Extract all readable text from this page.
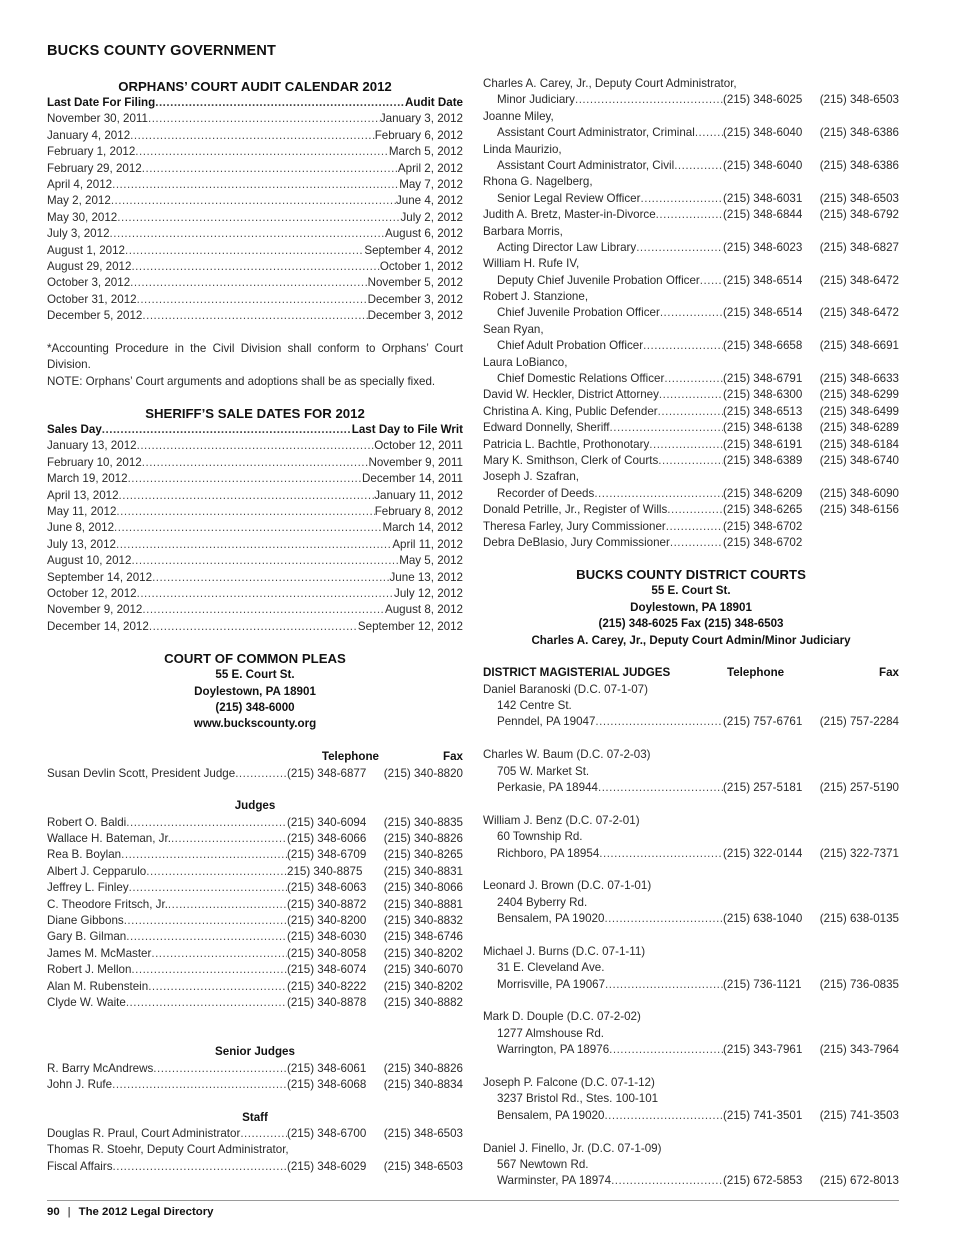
BUCKS COUNTY GOVERNMENT
ORPHANS’ COURT AUDIT CALENDAR 2012
Last Date For Filing .....	Audit Date
November 30, 2011 .....	January 3, 2012
January 4, 2012 .....	February 6, 2012
February 1, 2012 .....	March 5, 2012
February 29, 2012 .....	April 2, 2012
April 4, 2012 .....	May 7, 2012
May 2, 2012 .....	June 4, 2012
May 30, 2012 .....	July 2, 2012
July 3, 2012 .....	August 6, 2012
August 1, 2012 .....	September 4, 2012
August 29, 2012 .....	October 1, 2012
October 3, 2012 .....	November 5, 2012
October 31, 2012 .....	December 3, 2012
December 5, 2012 .....	December 3, 2012
*Accounting Procedure in the Civil Division shall conform to Orphans’ Court Division.
NOTE: Orphans’ Court arguments and adoptions shall be as specially fixed.
SHERIFF’S SALE DATES FOR 2012
Sales Day .....	Last Day to File Writ
January 13, 2012 .....	October 12, 2011
February 10, 2012 .....	November 9, 2011
March 19, 2012 .....	December 14, 2011
April 13, 2012 .....	January 11, 2012
May 11, 2012 .....	February 8, 2012
June 8, 2012 .....	March 14, 2012
July 13, 2012 .....	April 11, 2012
August 10, 2012 .....	May 5, 2012
September 14, 2012 .....	June 13, 2012
October 12, 2012 .....	July 12, 2012
November 9, 2012 .....	August 8, 2012
December 14, 2012 .....	September 12, 2012
COURT OF COMMON PLEAS
55 E. Court St.
Doylestown, PA 18901
(215) 348-6000
www.buckscounty.org
Telephone	Fax
Susan Devlin Scott, President Judge .....	(215) 348-6877	(215) 340-8820
Judges
Robert O. Baldi .....	(215) 340-6094	(215) 340-8835
Wallace H. Bateman, Jr. .....	(215) 348-6066	(215) 340-8826
Rea B. Boylan .....	(215) 348-6709	(215) 340-8265
Albert J. Cepparulo .....	215) 340-8875	(215) 340-8831
Jeffrey L. Finley .....	(215) 348-6063	(215) 340-8066
C. Theodore Fritsch, Jr. .....	(215) 340-8872	(215) 340-8881
Diane Gibbons .....	(215) 340-8200	(215) 340-8832
Gary B. Gilman .....	(215) 348-6030	(215) 348-6746
James M. McMaster .....	(215) 340-8058	(215) 340-8202
Robert J. Mellon .....	(215) 348-6074	(215) 340-6070
Alan M. Rubenstein .....	(215) 340-8222	(215) 340-8202
Clyde W. Waite .....	(215) 340-8878	(215) 340-8882
Senior Judges
R. Barry McAndrews .....	(215) 348-6061	(215) 340-8826
John J. Rufe .....	(215) 348-6068	(215) 340-8834
Staff
Douglas R. Praul, Court Administrator .....	(215) 348-6700	(215) 348-6503
Thomas R. Stoehr, Deputy Court Administrator,
Fiscal Affairs .....	(215) 348-6029	(215) 348-6503
Charles A. Carey, Jr., Deputy Court Administrator,
Minor Judiciary .....	(215) 348-6025	(215) 348-6503
Joanne Miley,
Assistant Court Administrator, Criminal ..... (215) 348-6040	(215) 348-6386
Linda Maurizio,
Assistant Court Administrator, Civil .....	(215) 348-6040	(215) 348-6386
Rhona G. Nagelberg,
Senior Legal Review Officer .....	(215) 348-6031	(215) 348-6503
Judith A. Bretz, Master-in-Divorce .....	(215) 348-6844	(215) 348-6792
Barbara Morris,
Acting Director Law Library .....	(215) 348-6023	(215) 348-6827
William H. Rufe IV,
Deputy Chief Juvenile Probation Officer ..... (215) 348-6514	(215) 348-6472
Robert J. Stanzione,
Chief Juvenile Probation Officer .....	(215) 348-6514	(215) 348-6472
Sean Ryan,
Chief Adult Probation Officer .....	(215) 348-6658	(215) 348-6691
Laura LoBianco,
Chief Domestic Relations Officer .....	(215) 348-6791	(215) 348-6633
David W. Heckler, District Attorney .....	(215) 348-6300	(215) 348-6299
Christina A. King, Public Defender .....	(215) 348-6513	(215) 348-6499
Edward Donnelly, Sheriff .....	(215) 348-6138	(215) 348-6289
Patricia L. Bachtle, Prothonotary .....	(215) 348-6191	(215) 348-6184
Mary K. Smithson, Clerk of Courts .....	(215) 348-6389	(215) 348-6740
Joseph J. Szafran,
Recorder of Deeds .....	(215) 348-6209	(215) 348-6090
Donald Petrille, Jr., Register of Wills .....	(215) 348-6265	(215) 348-6156
Theresa Farley, Jury Commissioner .....	(215) 348-6702
Debra DeBlasio, Jury Commissioner .....	(215) 348-6702
BUCKS COUNTY DISTRICT COURTS
55 E. Court St.
Doylestown, PA 18901
(215) 348-6025 Fax (215) 348-6503
Charles A. Carey, Jr., Deputy Court Admin/Minor Judiciary
DISTRICT MAGISTERIAL JUDGES	Telephone	Fax
Daniel Baranoski (D.C. 07-1-07)
142 Centre St.
Penndel, PA 19047 .....	(215) 757-6761	(215) 757-2284
Charles W. Baum (D.C. 07-2-03)
705 W. Market St.
Perkasie, PA 18944 .....	(215) 257-5181	(215) 257-5190
William J. Benz (D.C. 07-2-01)
60 Township Rd.
Richboro, PA 18954 .....	(215) 322-0144	(215) 322-7371
Leonard J. Brown (D.C. 07-1-01)
2404 Byberry Rd.
Bensalem, PA 19020 .....	(215) 638-1040	(215) 638-0135
Michael J. Burns (D.C. 07-1-11)
31 E. Cleveland Ave.
Morrisville, PA 19067 .....	(215) 736-1121	(215) 736-0835
Mark D. Douple (D.C. 07-2-02)
1277 Almshouse Rd.
Warrington, PA 18976 .....	(215) 343-7961	(215) 343-7964
Joseph P. Falcone (D.C. 07-1-12)
3237 Bristol Rd., Stes. 100-101
Bensalem, PA 19020 .....	(215) 741-3501	(215) 741-3503
Daniel J. Finello, Jr. (D.C. 07-1-09)
567 Newtown Rd.
Warminster, PA 18974 .....	(215) 672-5853	(215) 672-8013
90 | The 2012 Legal Directory
